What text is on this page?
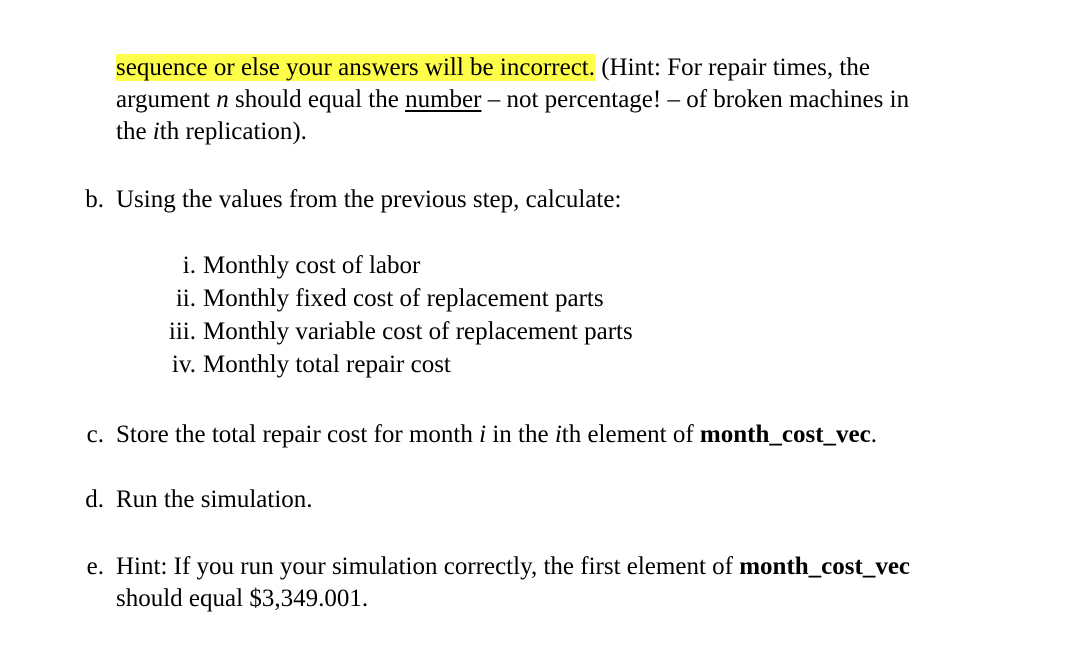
sequence or else your answers will be incorrect. (Hint: For repair times, the
argument n should equal the number – not percentage! – of broken machines in
the ith replication).
b. Using the values from the previous step, calculate:
i. Monthly cost of labor
ii. Monthly fixed cost of replacement parts
iii. Monthly variable cost of replacement parts
iv. Monthly total repair cost
c. Store the total repair cost for month i in the ith element of month_cost_vec.
d. Run the simulation.
e. Hint: If you run your simulation correctly, the first element of month_cost_vec
should equal $3,349.001.
